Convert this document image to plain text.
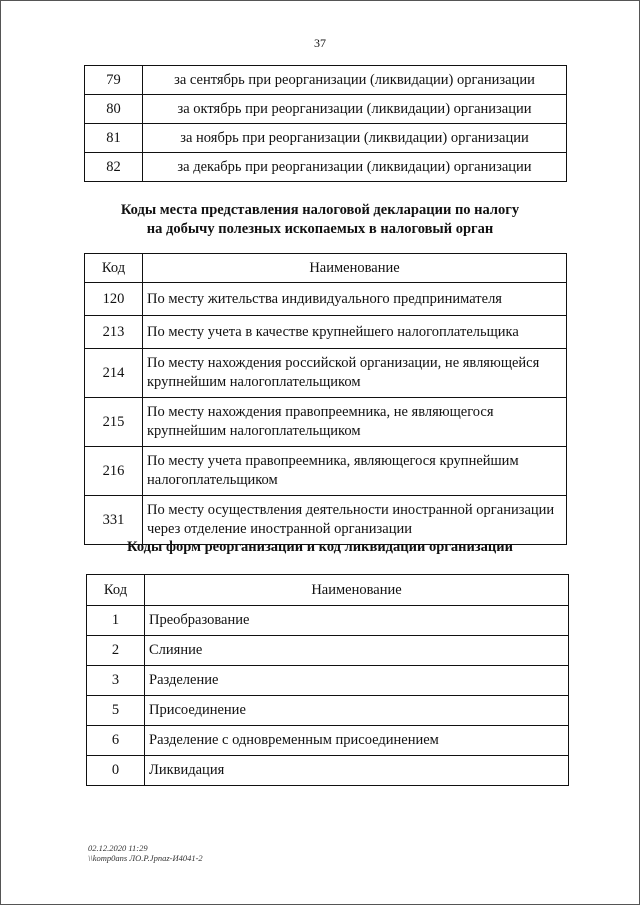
37
79	за сентябрь при реорганизации (ликвидации) организации
80	за октябрь при реорганизации (ликвидации) организации
81	за ноябрь при реорганизации (ликвидации) организации
82	за декабрь при реорганизации (ликвидации) организации
Коды места представления налоговой декларации по налогу
на добычу полезных ископаемых в налоговый орган
Код	Наименование
120	По месту жительства индивидуального предпринимателя
213	По месту учета в качестве крупнейшего налогоплательщика
214	По месту нахождения российской организации, не являющейся крупнейшим налогоплательщиком
215	По месту нахождения правопреемника, не являющегося крупнейшим налогоплательщиком
216	По месту учета правопреемника, являющегося крупнейшим налогоплательщиком
331	По месту осуществления деятельности иностранной организации через отделение иностранной организации
Коды форм реорганизации и код ликвидации организации
Код	Наименование
1	Преобразование
2	Слияние
3	Разделение
5	Присоединение
6	Разделение с одновременным присоединением
0	Ликвидация
02.12.2020 11:29
\\komp0ans ЛО.Р.Jpnaz-И4041-2
